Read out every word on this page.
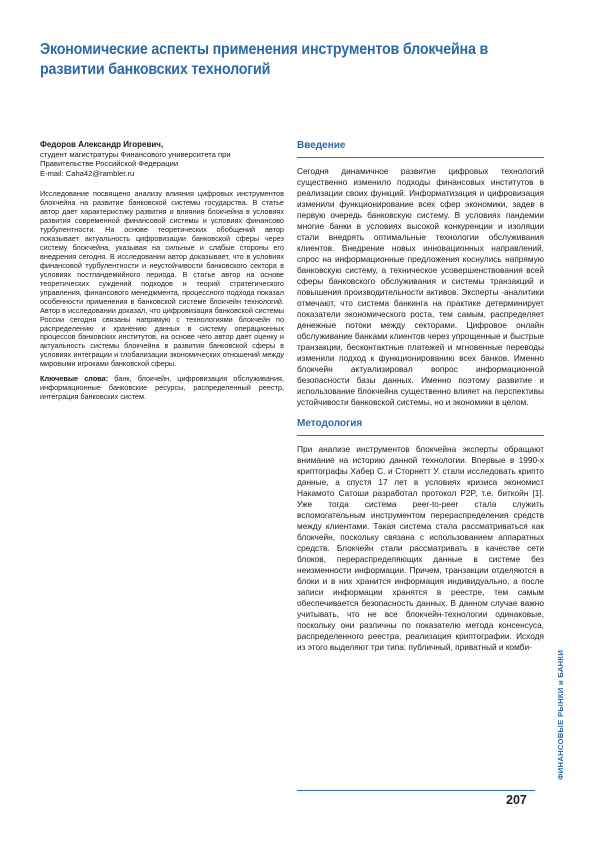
Экономические аспекты применения инструментов блокчейна в развитии банковских технологий

Федоров Александр Игоревич,

студент магистратуры Финансового университета при

Правительстве Российской Федерации

E-mail: Caha42@rambler.ru

Исследование посвящено анализу влияния цифровых инструментов блокчейна на развитие банковской системы государства. В статье автор дает характеристику развития и влияния блокчейна в условиях развития современной финансовой системы и условиях финансово турбулентности. На основе теоретических обобщений автор показывает актуальность цифровизации банковской сферы через систему блокчейна, указывая на сильные и слабые стороны его внедрения сегодня. В исследовании автор доказывает, что в условиях финансовой турбулентности и неустойчивости банковского сектора в условиях постпандемийного периода. В статье автор на основе теоретических суждений подходов и теорий стратегического управления, финансового менеджмента, процессного подхода показал особенности применения в банковской системе блокчейн технологий. Автор в исследовании доказал, что цифровизация банковской системы России сегодня связаны напрямую с технологиями блокчейн по распределению и хранению данных в систему операционных процессов банковских институтов, на основе чего автор дает оценку и актуальность системы блокчейна в развития банковской сферы в условиях интеграции и глобализации экономических отношений между мировыми игроками банковской сферы.

Ключевые слова: банк, блокчейн, цифровизация обслуживания, информационные банковские ресурсы, распределенный реестр, интеграция банковских систем.

Введение

Сегодня динамичное развитие цифровых технологий существенно изменило подходы финансовых институтов в реализации своих функций. Информатизация и цифровизация изменили функционирование всех сфер экономики, задев в первую очередь банковскую систему. В условиях пандемии многие банки в условиях высокой конкуренции и изоляции стали внедрять оптимальные технологии обслуживания клиентов. Внедрение новых инновационных направлений, спрос на информационные предложения коснулись напрямую банковскую систему, а техническое усовершенствования всей сферы банковского обслуживания и системы транзакций и повышения производительности активов. Эксперты -аналитики отмечают, что система банкинга на практике детерминирует показатели экономического роста, тем самым, распределяет денежные потоки между секторами. Цифровое онлайн обслуживание банками клиентов через упрощенные и быстрые транзакции, бесконтактные платежей и мгновенные переводы изменили подход к функционированию всех банков. Именно блокчейн актуализировал вопрос информационной безопасности базы данных. Именно поэтому развитие и использование блокчейна существенно влияет на перспективы устойчивости банковской системы, но и экономики в целом.

Методология

При анализе инструментов блокчейна эксперты обращают внимание на историю данной технологии. Впервые в 1990-х криптографы Хабер С. и Сторнетт У. стали исследовать крипто данные, а спустя 17 лет в условиях кризиса экономист Накамото Сатоши разработал протокол P2P, т.е. биткойн [1]. Уже тогда система peer-to-peer стала служить вспомогательным инструментом перераспределения средств между клиентами. Такая система стала рассматриваться как блокчейн, поскольку связана с использованием аппаратных средств. Блокчейн стали рассматривать в качестве сети блоков, перераспределяющих данные в системе без неизменности информации. Причем, транзакции отделяются в блоки и в них хранится информация индивидуально, а после записи информации хранятся в реестре, тем самым обеспечивается безопасность данных. В данном случае важно учитывать, что не все блокчейн-технологии одинаковые, поскольку они различны по показателю метода консенсуса, распределенного реестра, реализация криптографии. Исходя из этого выделяют три типа: публичный, приватный и комби-

ФИНАНСОВЫЕ РЫНКИ и БАНКИ
207
